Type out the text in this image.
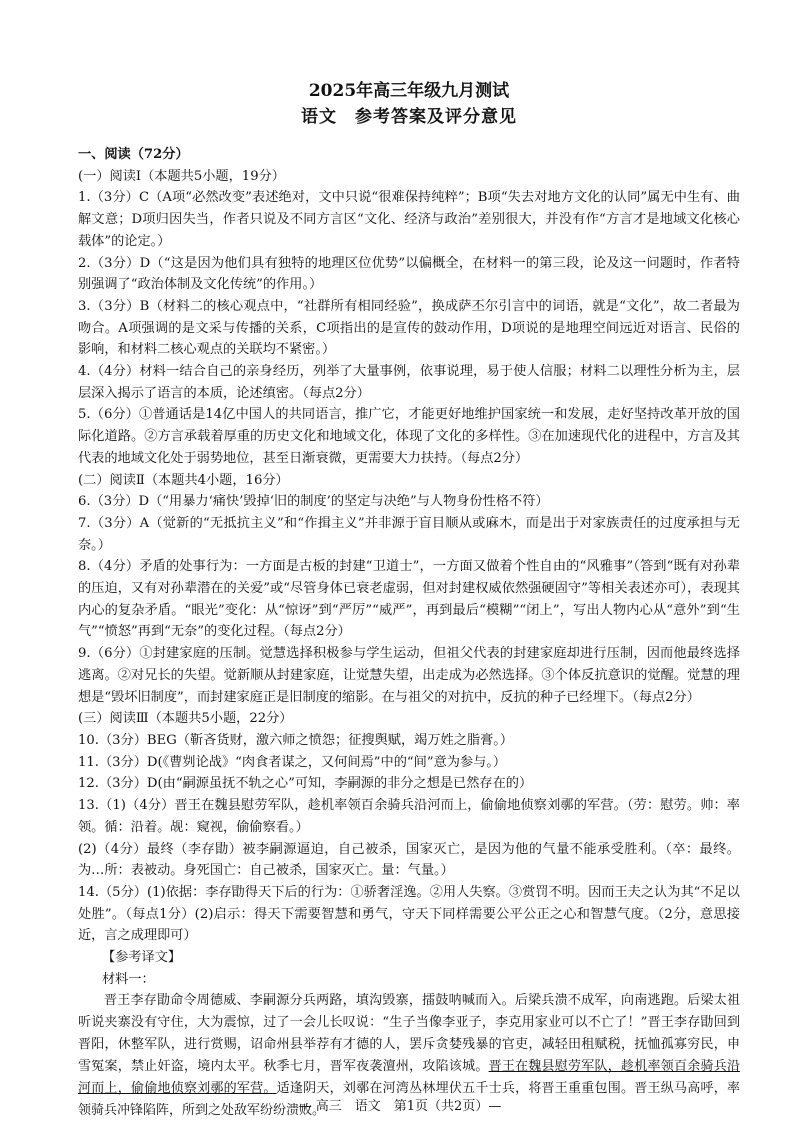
2025年高三年级九月测试

语文　参考答案及评分意见

一、阅读（72分）

(一）阅读Ⅰ（本题共5小题，19分）

1.（3分）C（A项“必然改变”表述绝对，文中只说“很难保持纯粹”；B项“失去对地方文化的认同”属无中生有、曲解文意；D项归因失当，作者只说及不同方言区“文化、经济与政治”差别很大，并没有作“方言才是地域文化核心载体”的论定。）

2.（3分）D（“这是因为他们具有独特的地理区位优势”以偏概全，在材料一的第三段，论及这一问题时，作者特别强调了“政治体制及文化传统”的作用。）

3.（3分）B（材料二的核心观点中，“社群所有相同经验”，换成萨丕尔引言中的词语，就是“文化”，故二者最为吻合。A项强调的是文采与传播的关系，C项指出的是宣传的鼓动作用，D项说的是地理空间远近对语言、民俗的影响，和材料二核心观点的关联均不紧密。）

4.（4分）材料一结合自己的亲身经历，列举了大量事例，依事说理，易于使人信服；材料二以理性分析为主，层层深入揭示了语言的本质，论述缜密。（每点2分）

5.（6分）①普通话是14亿中国人的共同语言，推广它，才能更好地维护国家统一和发展，走好坚持改革开放的国际化道路。②方言承载着厚重的历史文化和地域文化，体现了文化的多样性。③在加速现代化的进程中，方言及其代表的地域文化处于弱势地位，甚至日渐衰微，更需要大力扶持。（每点2分）

(二）阅读Ⅱ（本题共4小题，16分）

6.（3分）D（“用暴力‘痛快’毁掉‘旧的制度’的坚定与决绝”与人物身份性格不符）

7.（3分）A（觉新的“无抵抗主义”和“作揖主义”并非源于盲目顺从或麻木，而是出于对家族责任的过度承担与无奈。）

8.（4分）矛盾的处事行为：一方面是古板的封建“卫道士”，一方面又做着个性自由的“风雅事”（答到“既有对孙辈的压迫，又有对孙辈潜在的关爱”或“尽管身体已衰老虚弱，但对封建权威依然强硬固守”等相关表述亦可），表现其内心的复杂矛盾。“眼光”变化：从“惊讶”到“严厉”“威严”，再到最后“模糊”“闭上”，写出人物内心从“意外”到“生气”“愤怒”再到“无奈”的变化过程。（每点2分）

9.（6分）①封建家庭的压制。觉慧选择积极参与学生运动，但祖父代表的封建家庭却进行压制，因而他最终选择逃离。②对兄长的失望。觉新顺从封建家庭，让觉慧失望，出走成为必然选择。③个体反抗意识的觉醒。觉慧的理想是“毁坏旧制度”，而封建家庭正是旧制度的缩影。在与祖父的对抗中，反抗的种子已经埋下。（每点2分）

(三）阅读Ⅲ（本题共5小题，22分）

10.（3分）BEG（靳吝货财，激六师之愤怨；征搜舆赋，竭万姓之脂膏。）

11.（3分）D(《曹刿论战》“肉食者谋之，又何间焉”中的“间”意为参与。）

12.（3分）D(由“嗣源虽抚不轨之心”可知，李嗣源的非分之想是已然存在的）

13.（1)（4分）晋王在魏县慰劳军队，趁机率领百余骑兵沿河而上，偷偷地侦察刘鄩的军营。（劳：慰劳。帅：率领。循：沿着。觇：窥视，偷偷察看。）

(2)（4分）最终（李存勖）被李嗣源逼迫，自己被杀，国家灭亡，是因为他的气量不能承受胜利。（卒：最终。为…所：表被动。身死国亡：自己被杀，国家灭亡。量：气量。）

14.（5分）(1)依据：李存勖得天下后的行为：①骄奢淫逸。②用人失察。③赏罚不明。因而王夫之认为其“不足以处胜”。（每点1分）(2)启示：得天下需要智慧和勇气，守天下同样需要公平公正之心和智慧气度。（2分，意思接近，言之成理即可）

【参考译文】

材料一：

晋王李存勖命令周德威、李嗣源分兵两路，填沟毁寨，擂鼓呐喊而入。后梁兵溃不成军，向南逃跑。后梁太祖听说夹寨没有守住，大为震惊，过了一会儿长叹说：“生子当像李亚子，李克用家业可以不亡了！”晋王李存勖回到晋阳，休整军队，进行赏赐，诏命州县举荐有才德的人，罢斥贪婪残暴的官吏，减轻田租赋税，抚恤孤寡穷民，申雪冤案，禁止奸盗，境内太平。秋季七月，晋军夜袭澶州，攻陷该城。晋王在魏县慰劳军队，趁机率领百余骑兵沿河而上，偷偷地侦察刘鄩的军营。适逢阴天，刘鄩在河湾丛林埋伏五千士兵，将晋王重重包围。晋王纵马高呼，率领骑兵冲锋陷阵，所到之处敌军纷纷溃败。

— 高三　语文　第1页（共2页）—
